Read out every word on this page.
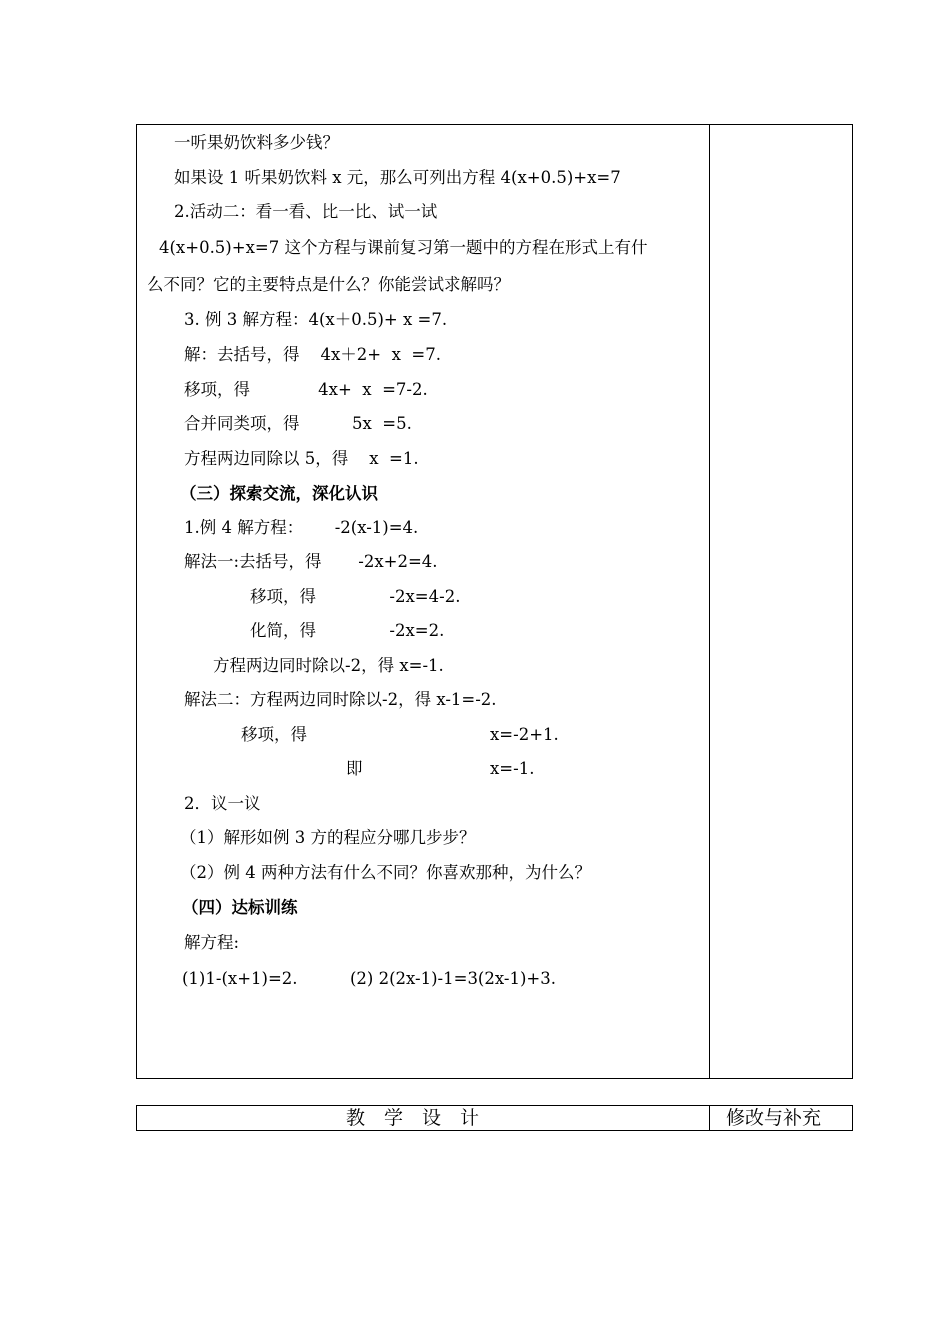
一听果奶饮料多少钱？
如果设 1 听果奶饮料 x 元，那么可列出方程 4(x+0.5)+x=7
2.活动二：看一看、比一比、试一试
4(x+0.5)+x=7 这个方程与课前复习第一题中的方程在形式上有什
么不同？它的主要特点是什么？你能尝试求解吗？
3. 例 3 解方程：4(x＋0.5)+ x =7.
解：去括号，得    4x＋2+  x  =7.
移项，得             4x+  x  =7-2.
合并同类项，得          5x  =5.
方程两边同除以 5，得    x  =1.
（三）探索交流，深化认识
1.例 4 解方程：      -2(x-1)=4.
解法一:去括号，得       -2x+2=4.
移项，得              -2x=4-2.
化简，得              -2x=2.
方程两边同时除以-2，得 x=-1.
解法二：方程两边同时除以-2，得 x-1=-2.
移项，得	x=-2+1.
即	x=-1.
2．议一议
（1）解形如例 3 方的程应分哪几步步？
（2）例 4 两种方法有什么不同？你喜欢那种，为什么？
（四）达标训练
解方程:
(1)1-(x+1)=2.          (2) 2(2x-1)-1=3(2x-1)+3.
教　学　设　计	修改与补充
